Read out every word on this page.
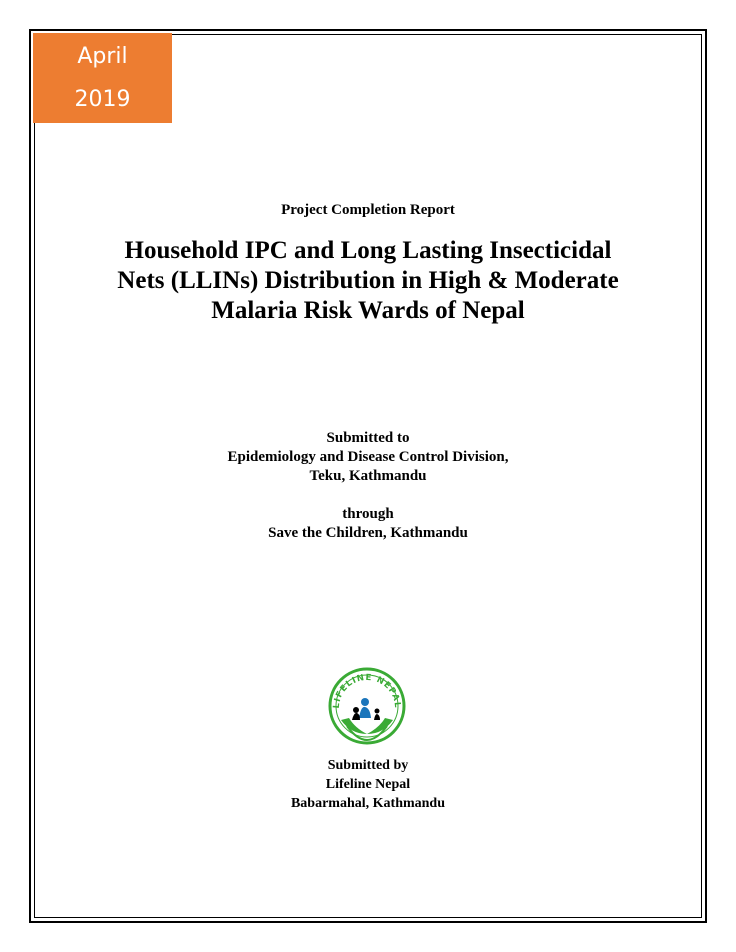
April
2019
Project Completion Report
Household IPC and Long Lasting Insecticidal
Nets (LLINs) Distribution in High & Moderate
Malaria Risk Wards of Nepal
Submitted to
Epidemiology and Disease Control Division,
Teku, Kathmandu
through
Save the Children, Kathmandu
LIFELINE NEPAL
Submitted by
Lifeline Nepal
Babarmahal, Kathmandu
